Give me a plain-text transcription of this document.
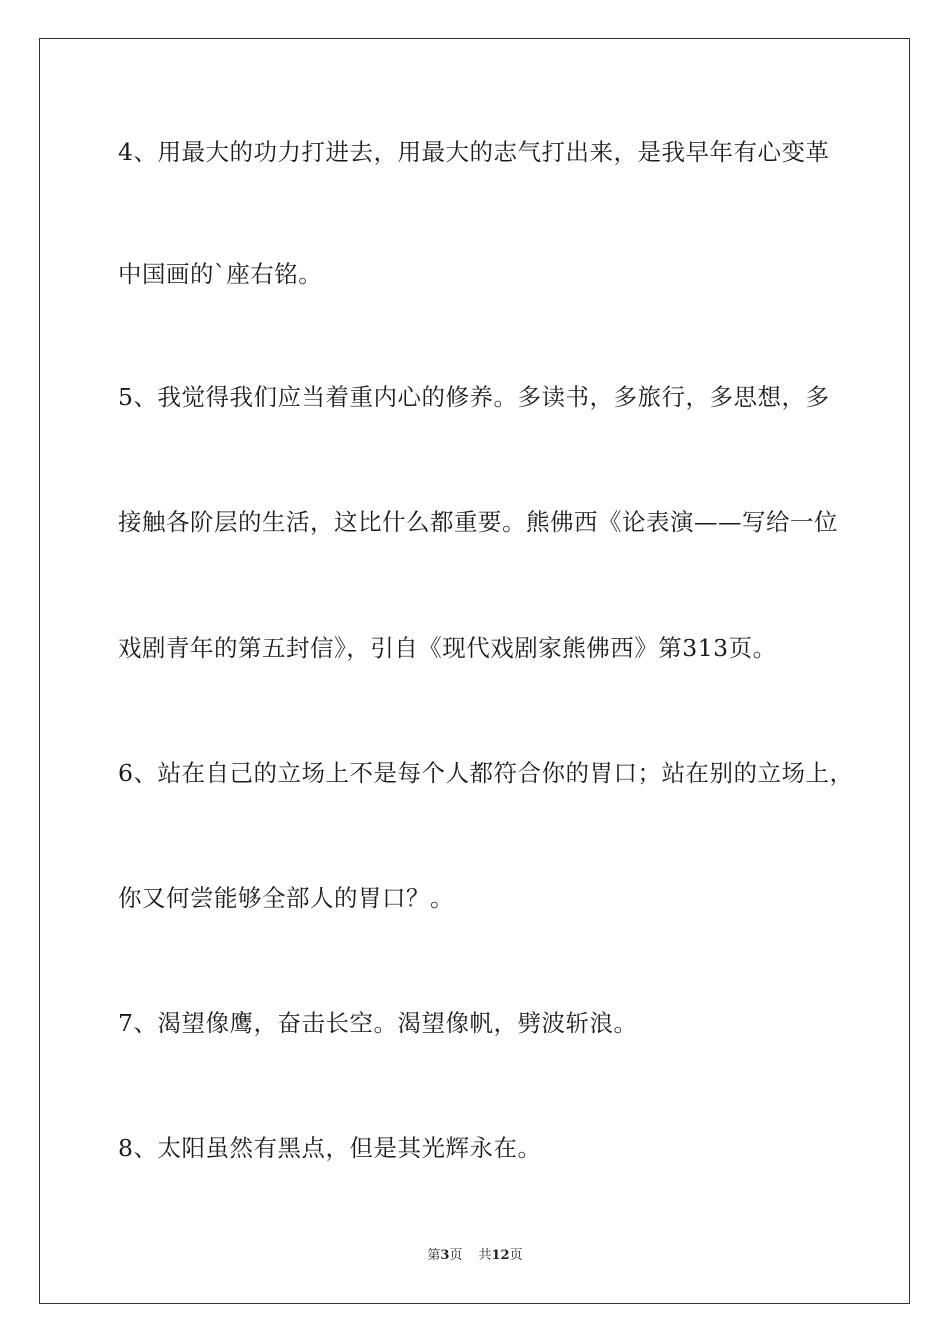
4、用最大的功力打进去，用最大的志气打出来，是我早年有心变革
中国画的`座右铭。
5、我觉得我们应当着重内心的修养。多读书，多旅行，多思想，多
接触各阶层的生活，这比什么都重要。熊佛西《论表演——写给一位
戏剧青年的第五封信》，引自《现代戏剧家熊佛西》第313页。
6、站在自己的立场上不是每个人都符合你的胃口；站在别的立场上，
你又何尝能够全部人的胃口？。
7、渴望像鹰，奋击长空。渴望像帆，劈波斩浪。
8、太阳虽然有黑点，但是其光辉永在。
第3页 共12页
